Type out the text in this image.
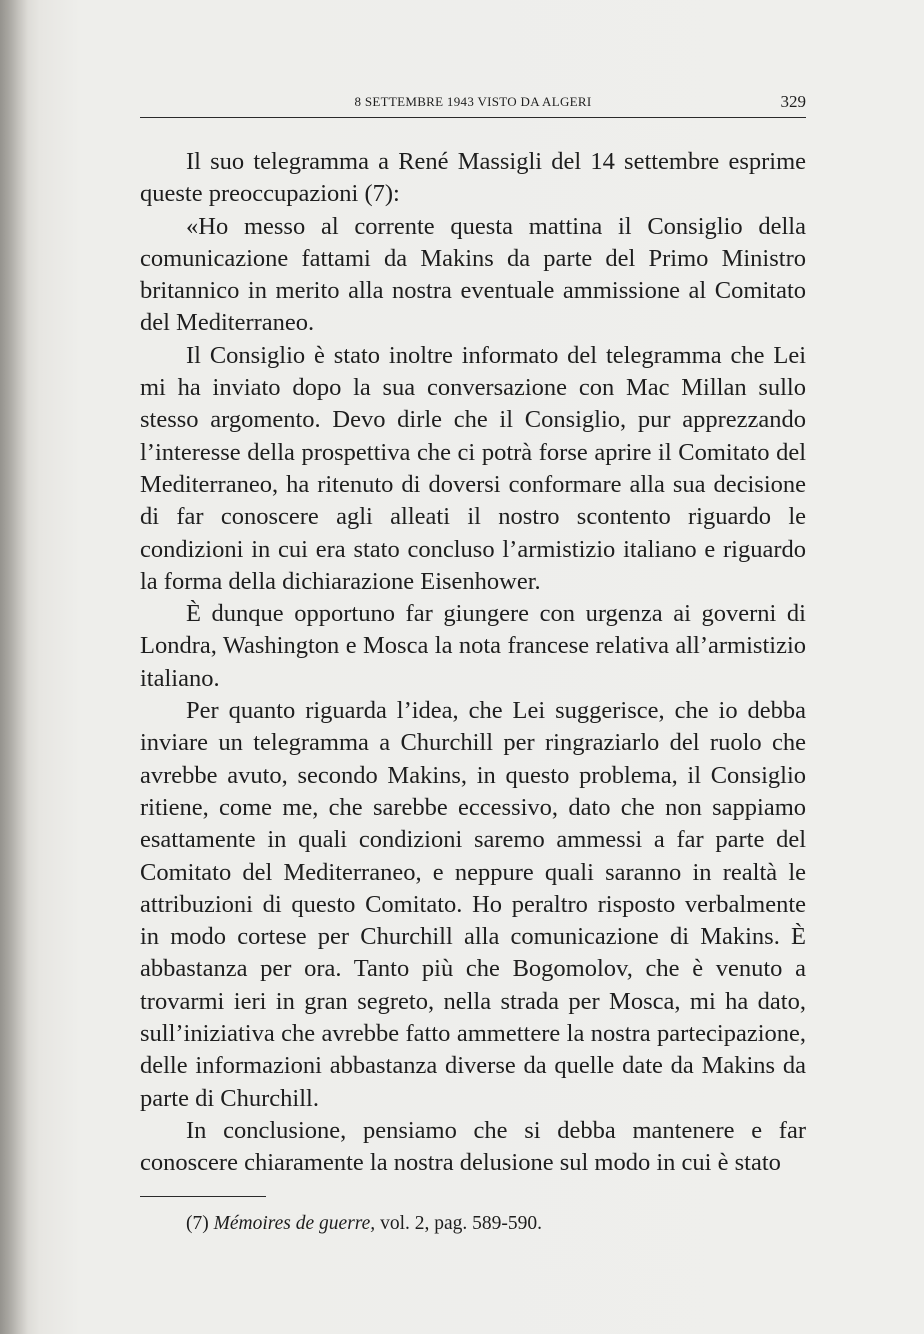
8 SETTEMBRE 1943 VISTO DA ALGERI	329

Il suo telegramma a René Massigli del 14 settembre esprime queste preoccupazioni (7):

«Ho messo al corrente questa mattina il Consiglio della comunicazione fattami da Makins da parte del Primo Ministro britannico in merito alla nostra eventuale ammissione al Comitato del Mediterraneo.

Il Consiglio è stato inoltre informato del telegramma che Lei mi ha inviato dopo la sua conversazione con Mac Millan sullo stesso argomento. Devo dirle che il Consiglio, pur apprezzando l’interesse della prospettiva che ci potrà forse aprire il Comitato del Mediterraneo, ha ritenuto di doversi conformare alla sua decisione di far conoscere agli alleati il nostro scontento riguardo le condizioni in cui era stato concluso l’armistizio italiano e riguardo la forma della dichiarazione Eisenhower.

È dunque opportuno far giungere con urgenza ai governi di Londra, Washington e Mosca la nota francese relativa all’armistizio italiano.

Per quanto riguarda l’idea, che Lei suggerisce, che io debba inviare un telegramma a Churchill per ringraziarlo del ruolo che avrebbe avuto, secondo Makins, in questo problema, il Consiglio ritiene, come me, che sarebbe eccessivo, dato che non sappiamo esattamente in quali condizioni saremo ammessi a far parte del Comitato del Mediterraneo, e neppure quali saranno in realtà le attribuzioni di questo Comitato. Ho peraltro risposto verbalmente in modo cortese per Churchill alla comunicazione di Makins. È abbastanza per ora. Tanto più che Bogomolov, che è venuto a trovarmi ieri in gran segreto, nella strada per Mosca, mi ha dato, sull’iniziativa che avrebbe fatto ammettere la nostra partecipazione, delle informazioni abbastanza diverse da quelle date da Makins da parte di Churchill.

In conclusione, pensiamo che si debba mantenere e far conoscere chiaramente la nostra delusione sul modo in cui è stato

(7) Mémoires de guerre, vol. 2, pag. 589-590.
